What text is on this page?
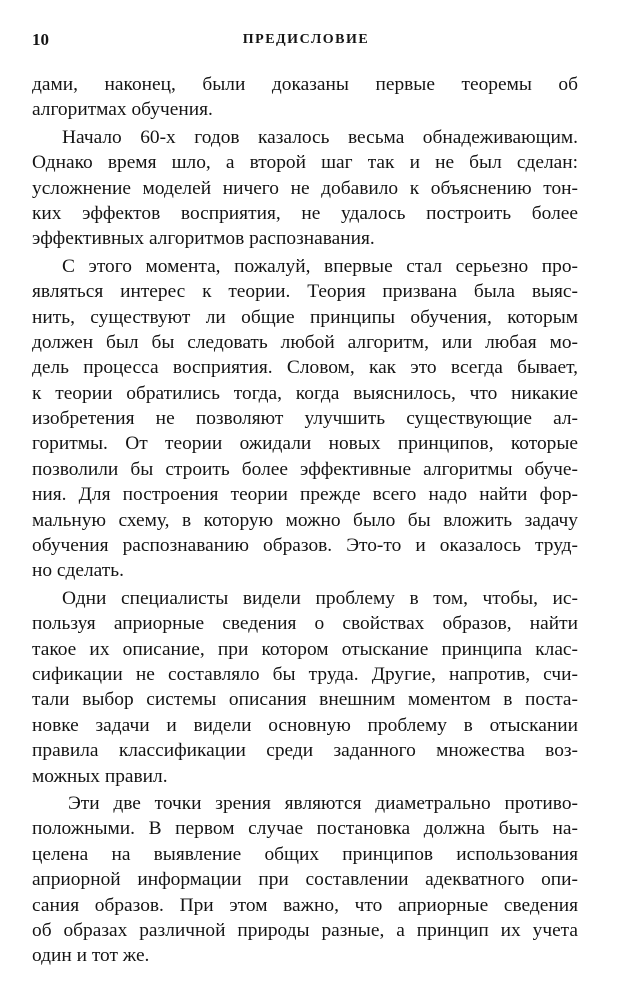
10	ПРЕДИСЛОВИЕ
дами, наконец, были доказаны первые теоремы об
алгоритмах обучения.
Начало 60-х годов казалось весьма обнадеживающим.
Однако время шло, а второй шаг так и не был сделан:
усложнение моделей ничего не добавило к объяснению тон-
ких эффектов восприятия, не удалось построить более
эффективных алгоритмов распознавания.
С этого момента, пожалуй, впервые стал серьезно про-
являться интерес к теории. Теория призвана была выяс-
нить, существуют ли общие принципы обучения, которым
должен был бы следовать любой алгоритм, или любая мо-
дель процесса восприятия. Словом, как это всегда бывает,
к теории обратились тогда, когда выяснилось, что никакие
изобретения не позволяют улучшить существующие ал-
горитмы. От теории ожидали новых принципов, которые
позволили бы строить более эффективные алгоритмы обуче-
ния. Для построения теории прежде всего надо найти фор-
мальную схему, в которую можно было бы вложить задачу
обучения распознаванию образов. Это-то и оказалось труд-
но сделать.
Одни специалисты видели проблему в том, чтобы, ис-
пользуя априорные сведения о свойствах образов, найти
такое их описание, при котором отыскание принципа клас-
сификации не составляло бы труда. Другие, напротив, счи-
тали выбор системы описания внешним моментом в поста-
новке задачи и видели основную проблему в отыскании
правила классификации среди заданного множества воз-
можных правил.
Эти две точки зрения являются диаметрально противо-
положными. В первом случае постановка должна быть на-
целена на выявление общих принципов использования
априорной информации при составлении адекватного опи-
сания образов. При этом важно, что априорные сведения
об образах различной природы разные, а принцип их учета
один и тот же.
